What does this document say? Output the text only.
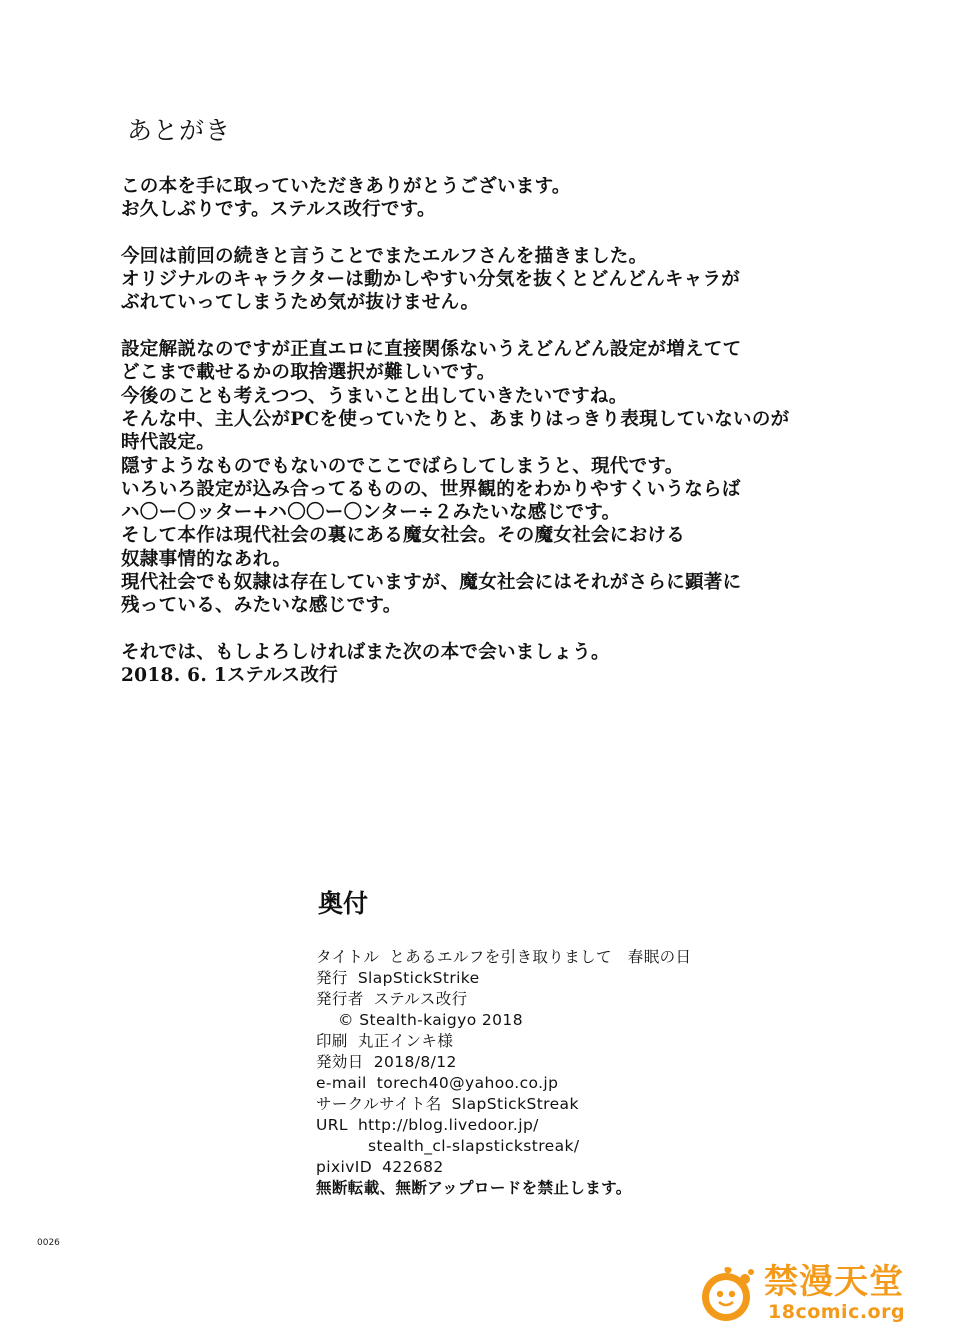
あとがき

この本を手に取っていただきありがとうございます。
お久しぶりです。ステルス改行です。

今回は前回の続きと言うことでまたエルフさんを描きました。
オリジナルのキャラクターは動かしやすい分気を抜くとどんどんキャラが
ぶれていってしまうため気が抜けません。

設定解説なのですが正直エロに直接関係ないうえどんどん設定が増えてて
どこまで載せるかの取捨選択が難しいです。
今後のことも考えつつ、うまいこと出していきたいですね。
そんな中、主人公がPCを使っていたりと、あまりはっきり表現していないのが
時代設定。
隠すようなものでもないのでここでばらしてしまうと、現代です。
いろいろ設定が込み合ってるものの、世界観的をわかりやすくいうならば
ハ〇ー〇ッター+ハ〇〇ー〇ンター÷２みたいな感じです。
そして本作は現代社会の裏にある魔女社会。その魔女社会における
奴隷事情的なあれ。
現代社会でも奴隷は存在していますが、魔女社会にはそれがさらに顕著に
残っている、みたいな感じです。

それでは、もしよろしければまた次の本で会いましょう。
2018. 6. 1ステルス改行

奥付
タイトル とあるエルフを引き取りまして　春眠の日
発行 SlapStickStrike
発行者 ステルス改行
© Stealth-kaigyo 2018
印刷 丸正インキ様
発効日 2018/8/12
e-mail torech40@yahoo.co.jp
サークルサイト名 SlapStickStreak
URL http://blog.livedoor.jp/
stealth_cl-slapstickstreak/
pixivID 422682
無断転載、無断アップロードを禁止します。
0026
禁漫天堂
18comic.org
